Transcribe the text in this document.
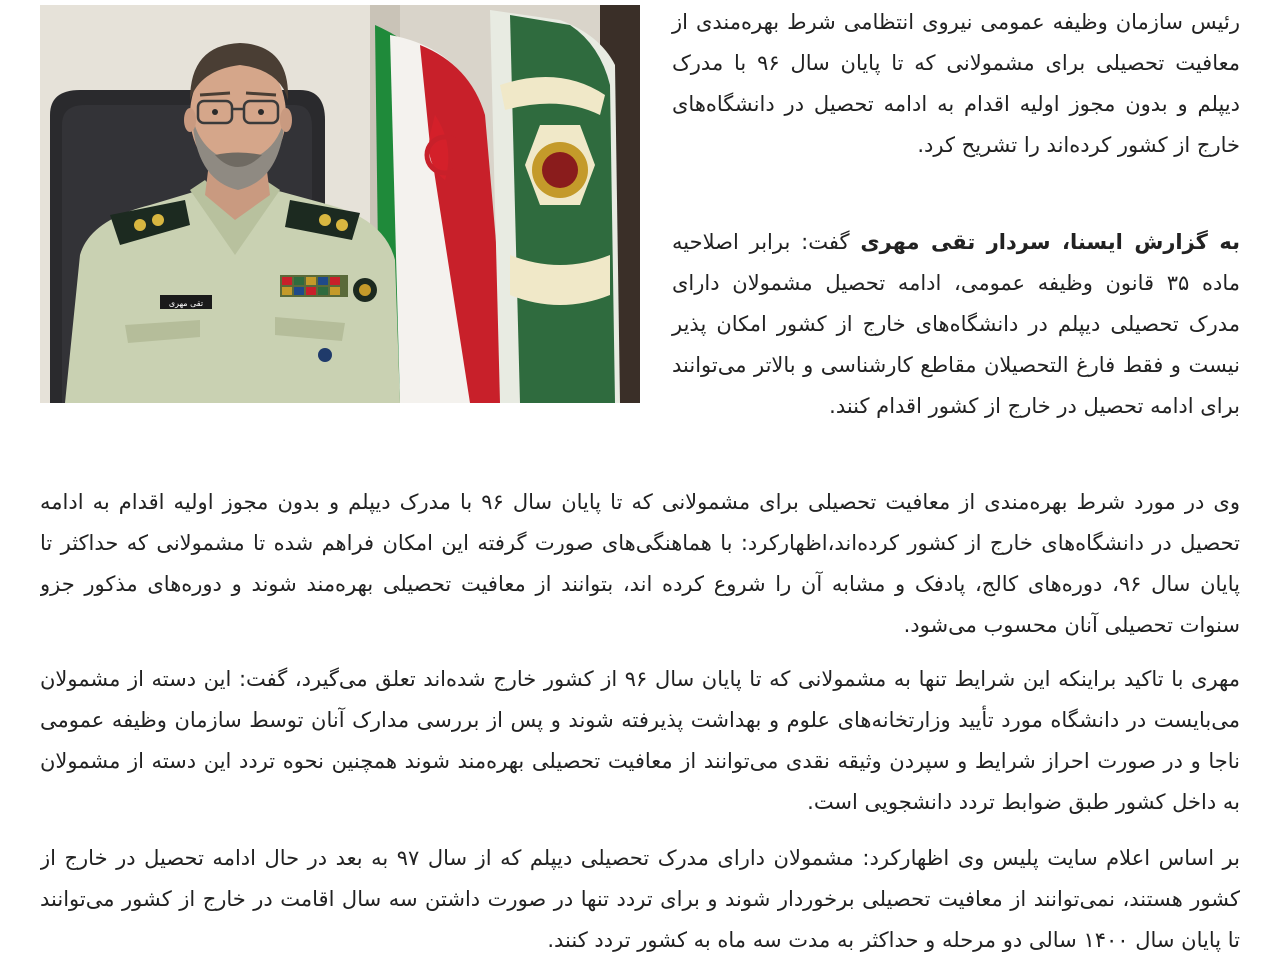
تقی مهری

رئیس سازمان وظیفه عمومی نیروی انتظامی شرط بهره‌مندی از معافیت تحصیلی برای مشمولانی که تا پایان سال ۹۶ با مدرک دیپلم و بدون مجوز اولیه اقدام به ادامه تحصیل در دانشگاه‌های خارج از کشور کرده‌اند را تشریح کرد.

به گزارش ایسنا، سردار تقی مهری گفت: برابر اصلاحیه ماده ۳۵ قانون وظیفه عمومی، ادامه تحصیل مشمولان دارای مدرک تحصیلی دیپلم در دانشگاه‌های خارج از کشور امکان پذیر نیست و فقط فارغ التحصیلان مقاطع کارشناسی و بالاتر می‌توانند برای ادامه تحصیل در خارج از کشور اقدام کنند.

وی در مورد شرط بهره‌مندی از معافیت تحصیلی برای مشمولانی که تا پایان سال ۹۶ با مدرک دیپلم و بدون مجوز اولیه اقدام به ادامه تحصیل در دانشگاه‌های خارج از کشور کرده‌اند،اظهارکرد: با هماهنگی‌های صورت گرفته این امکان فراهم شده تا مشمولانی که حداکثر تا پایان سال ۹۶، دوره‌های کالج، پادفک و مشابه آن را شروع کرده اند، بتوانند از معافیت تحصیلی بهره‌مند شوند و دوره‌های مذکور جزو سنوات تحصیلی آنان محسوب می‌شود.

مهری با تاکید براینکه این شرایط تنها به مشمولانی که تا پایان سال ۹۶ از کشور خارج شده‌اند تعلق می‌گیرد، گفت: این دسته از مشمولان می‌بایست در دانشگاه مورد تأیید وزارتخانه‌های علوم و بهداشت پذیرفته شوند و پس از بررسی مدارک آنان توسط سازمان وظیفه عمومی ناجا و در صورت احراز شرایط و سپردن وثیقه نقدی می‌توانند از معافیت تحصیلی بهره‌مند شوند همچنین نحوه تردد این دسته از مشمولان به داخل کشور طبق ضوابط تردد دانشجویی است.

بر اساس اعلام سایت پلیس وی اظهارکرد: مشمولان دارای مدرک تحصیلی دیپلم که از سال ۹۷ به بعد در حال ادامه تحصیل در خارج از کشور هستند، نمی‌توانند از معافیت تحصیلی برخوردار شوند و برای تردد تنها در صورت داشتن سه سال اقامت در خارج از کشور می‌توانند تا پایان سال ۱۴۰۰ سالی دو مرحله و حداکثر به مدت سه ماه به کشور تردد کنند.
